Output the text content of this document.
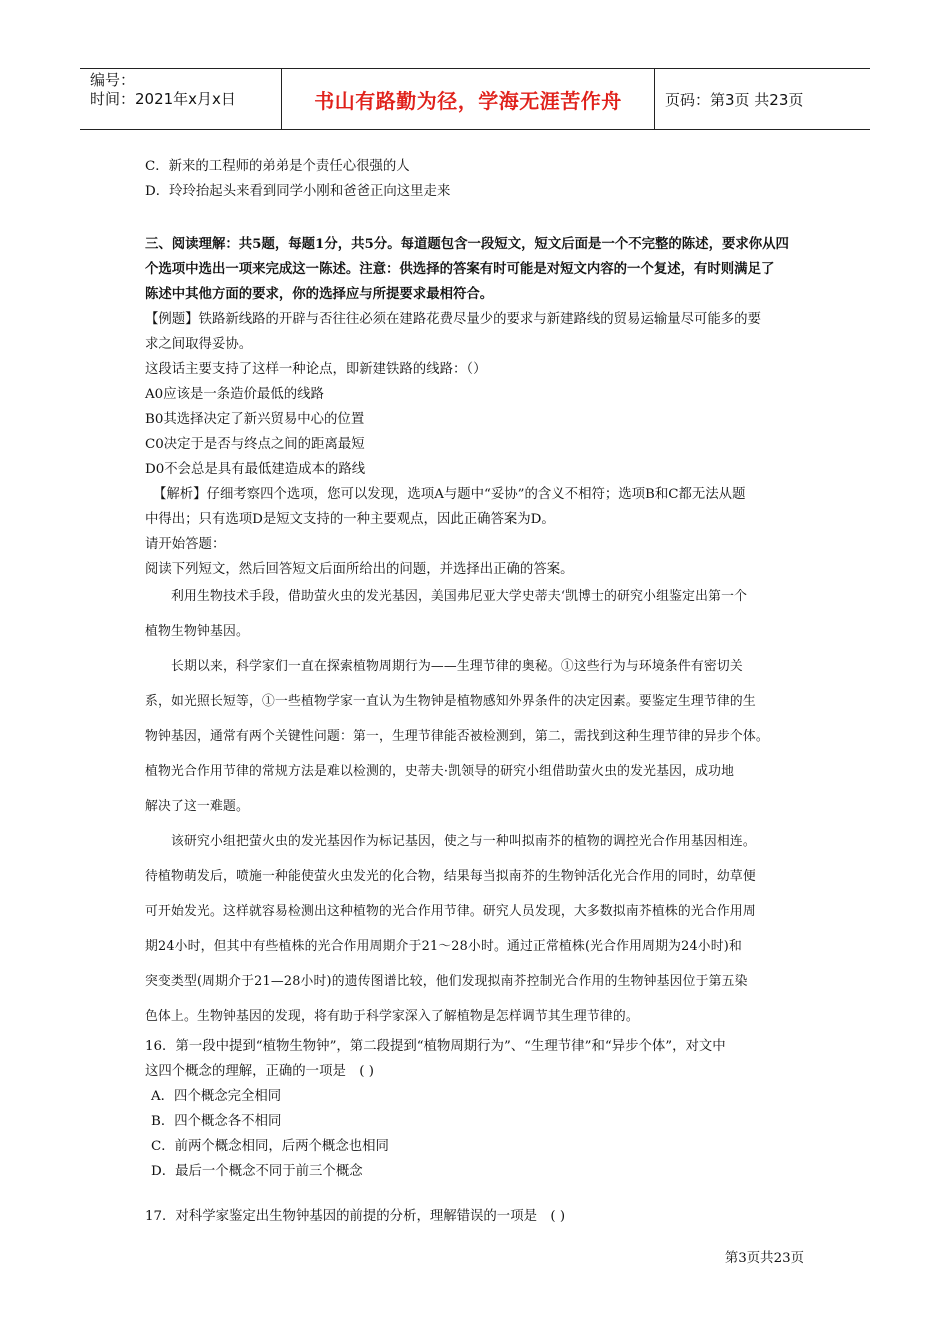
编号：
时间：2021年x月x日	书山有路勤为径，学海无涯苦作舟	页码：第3页 共23页
C．新来的工程师的弟弟是个责任心很强的人
D．玲玲抬起头来看到同学小刚和爸爸正向这里走来
三、阅读理解：共5题，每题1分，共5分。每道题包含一段短文，短文后面是一个不完整的陈述，要求你从四
个选项中选出一项来完成这一陈述。注意：供选择的答案有时可能是对短文内容的一个复述，有时则满足了
陈述中其他方面的要求，你的选择应与所提要求最相符合。
【例题】铁路新线路的开辟与否往往必须在建路花费尽量少的要求与新建路线的贸易运输量尽可能多的要
求之间取得妥协。
这段话主要支持了这样一种论点，即新建铁路的线路：（）
A0应该是一条造价最低的线路
B0其选择决定了新兴贸易中心的位置
C0决定于是否与终点之间的距离最短
D0不会总是具有最低建造成本的路线
【解析】仔细考察四个选项，您可以发现，选项A与题中“妥协”的含义不相符；选项B和C都无法从题
中得出；只有选项D是短文支持的一种主要观点，因此正确答案为D。
请开始答题：
阅读下列短文，然后回答短文后面所给出的问题，并选择出正确的答案。
利用生物技术手段，借助萤火虫的发光基因，美国弗尼亚大学史蒂夫‘凯博士的研究小组鉴定出第一个
植物生物钟基因。
长期以来，科学家们一直在探索植物周期行为——生理节律的奥秘。①这些行为与环境条件有密切关
系，如光照长短等，①一些植物学家一直认为生物钟是植物感知外界条件的决定因素。要鉴定生理节律的生
物钟基因，通常有两个关键性问题：第一，生理节律能否被检测到，第二，需找到这种生理节律的异步个体。
植物光合作用节律的常规方法是难以检测的，史蒂夫·凯领导的研究小组借助萤火虫的发光基因，成功地
解决了这一难题。
该研究小组把萤火虫的发光基因作为标记基因，使之与一种叫拟南芥的植物的调控光合作用基因相连。
待植物萌发后，喷施一种能使萤火虫发光的化合物，结果每当拟南芥的生物钟活化光合作用的同时，幼草便
可开始发光。这样就容易检测出这种植物的光合作用节律。研究人员发现，大多数拟南芥植株的光合作用周
期24小时，但其中有些植株的光合作用周期介于21～28小时。通过正常植株(光合作用周期为24小时)和
突变类型(周期介于21—28小时)的遗传图谱比较，他们发现拟南芥控制光合作用的生物钟基因位于第五染
色体上。生物钟基因的发现，将有助于科学家深入了解植物是怎样调节其生理节律的。
16．第一段中提到“植物生物钟”，第二段提到“植物周期行为”、“生理节律”和“异步个体”，对文中
这四个概念的理解，正确的一项是　( )
A．四个概念完全相同
B．四个概念各不相同
C．前两个概念相同，后两个概念也相同
D．最后一个概念不同于前三个概念
17．对科学家鉴定出生物钟基因的前提的分析，理解错误的一项是　( )
第3页共23页
